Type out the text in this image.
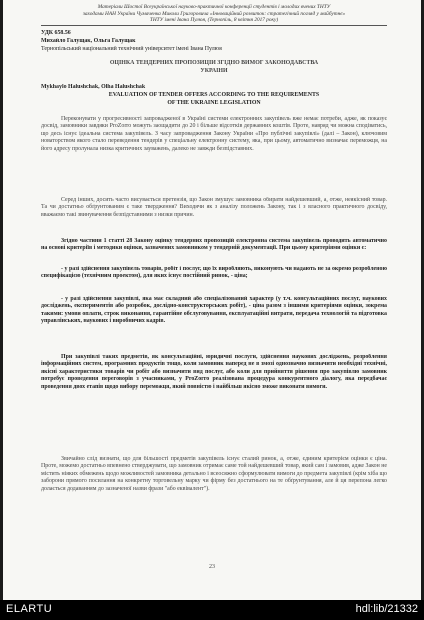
Матеріали Шостої Всеукраїнської науково-практичної конференції студентів і молодих вчених ТНТУ
заходами НАН України Чумаченка Миколи Григоровича «Інноваційний розвиток: стратегічний погляд у майбутнє»
ТНТУ імені Івана Пулюя, (Тернопіль, 8 квітня 2017 року)
УДК 658.56
Михайло Галущак, Ольга Галущак
Тернопільський національний технічний університет імені Івана Пулюя
ОЦІНКА ТЕНДЕРНИХ ПРОПОЗИЦІЙ ЗГІДНО ВИМОГ ЗАКОНОДАВСТВА
УКРАЇНИ
Mykhaylo Halushchak, Olha Halushchak
EVALUATION OF TENDER OFFERS ACCORDING TO THE REQUIREMENTS
OF THE UKRAINE LEGISLATION
Переконувати у прогресивності запровадженої в Україні системи електронних закупівель вже немає потреби, адже, як показує досвід, замовники завдяки ProZorro можуть заощадити до 20 і більше відсотків державних коштів. Проте, навряд чи можна сподіватись, що десь існує ідеальна система закупівель. З часу запровадження Закону України «Про публічні закупівлі» (далі – Закон), ключовим новаторством якого стало переведення тендерів у спеціальну електронну систему, яка, при цьому, автоматично визначає переможця, на його адресу пролунала низка критичних зауважень, далеко не завжди безпідставних.
Серед інших, досить часто висувається претензія, що Закон змушує замовника обирати найдешевший, а, отже, неякісний товар. Та чи достатньо обґрунтованим є таке твердження? Виходячи як з аналізу положень Закону, так і з власного практичного досвіду, вважаємо такі звинувачення безпідставними з низки причин.
Згідно частини 1 статті 28 Закону оцінку тендерних пропозицій електронна система закупівель проводить автоматично на основі критеріїв і методики оцінки, зазначених замовником у тендерній документації. При цьому критеріями оцінки є:
- у разі здійснення закупівель товарів, робіт і послуг, що їх виробляють, виконують чи надають не за окремо розробленою специфікацією (технічним проектом), для яких існує постійний ринок, - ціна;
- у разі здійснення закупівлі, яка має складний або спеціалізований характер (у т.ч. консультаційних послуг, наукових досліджень, експериментів або розробок, дослідно-конструкторських робіт), - ціна разом з іншими критеріями оцінки, зокрема такими: умови оплати, строк виконання, гарантійне обслуговування, експлуатаційні витрати, передача технологій та підготовка управлінських, наукових і виробничих кадрів.
При закупівлі таких предметів, як консультаційні, юридичні послуги, здійснення наукових досліджень, розроблення інформаційних систем, програмних продуктів тощо, коли замовник наперед не в змозі однозначно визначити необхідні технічні, якісні характеристики товарів чи робіт або визначити вид послуг, або коли для прийняття рішення про закупівлю замовник потребує проведення переговорів з учасниками, у ProZorro реалізована процедура конкурентного діалогу, яка передбачає проведення двох етапів щодо вибору переможця, який повністю і найбільш якісно зможе виконати вимоги.
Звичайно слід визнати, що для більшості предметів закупівель існує сталий ринок, а, отже, єдиним критерієм оцінки є ціна. Проте, можемо достатньо впевнено стверджувати, що замовник отримає саме той найдешевший товар, який сам і замовив, адже Закон не містить ніяких обмежень щодо можливостей замовника детально і всеосяжно сформулювати вимоги до предмета закупівлі (крім хіба що заборони прямого посилання на конкретну торговельну марку чи фірму без достатнього на те обґрунтування, але й ця перепона легко долається додаванням до зазначеної назви фрази "або еквівалент").
23
ELARTU	hdl:lib/21332
